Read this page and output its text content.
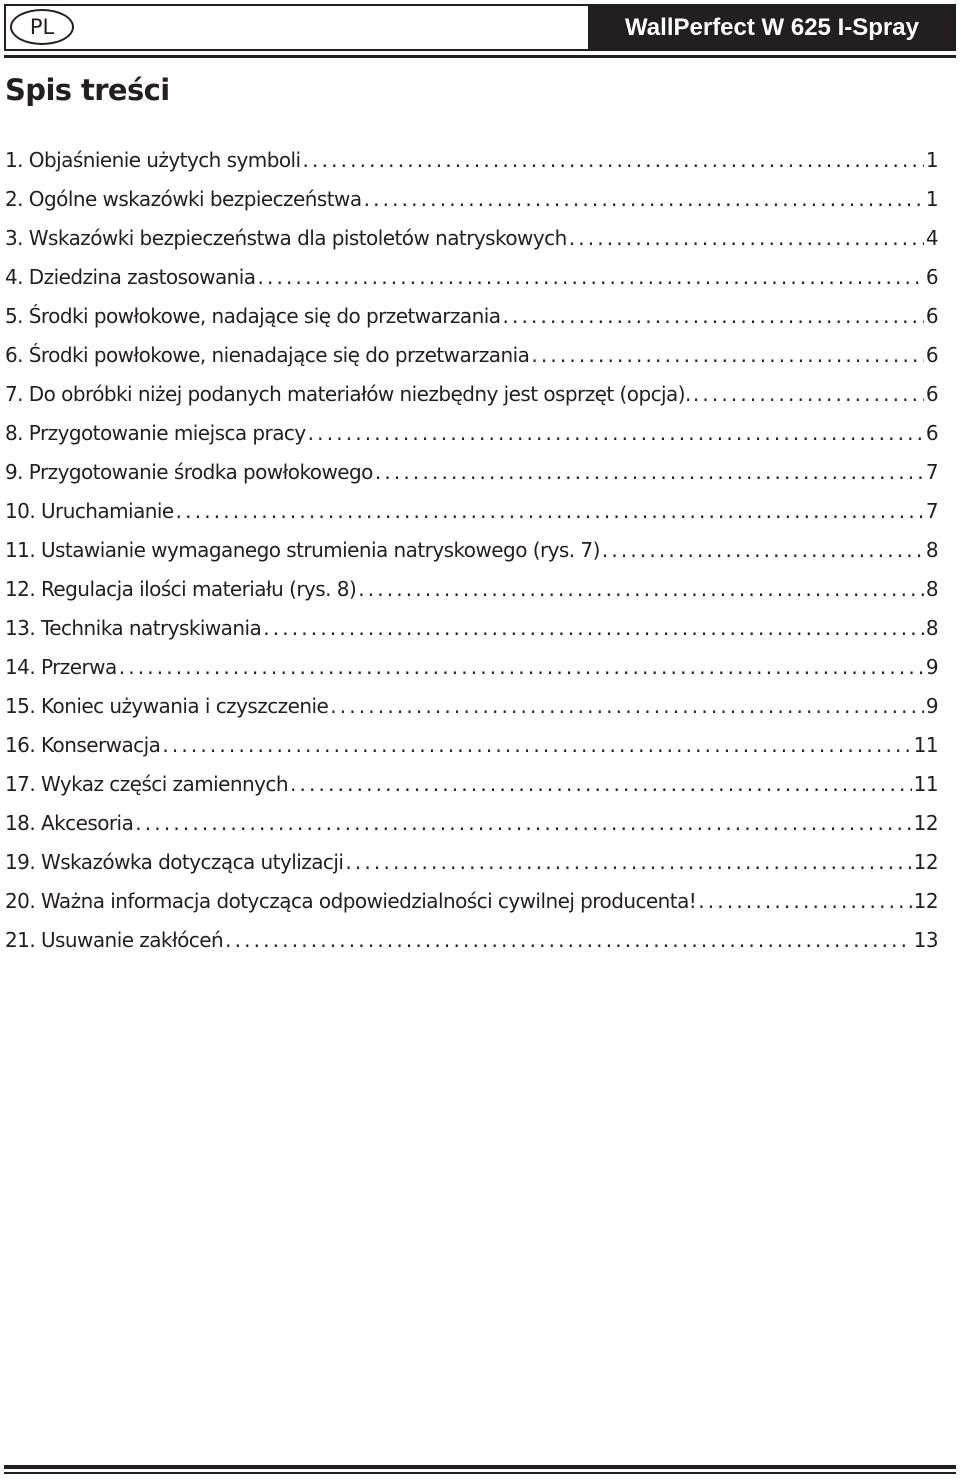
PL	WallPerfect W 625 I-Spray
Spis treści
1. Objaśnienie użytych symboli . . .	1
2. Ogólne wskazówki bezpieczeństwa . . .	1
3. Wskazówki bezpieczeństwa dla pistoletów natryskowych . . .	4
4. Dziedzina zastosowania . . .	6
5. Środki powłokowe, nadające się do przetwarzania . . .	6
6. Środki powłokowe, nienadające się do przetwarzania . . .	6
7. Do obróbki niżej podanych materiałów niezbędny jest osprzęt (opcja). . . .	6
8. Przygotowanie miejsca pracy . . .	6
9. Przygotowanie środka powłokowego . . .	7
10. Uruchamianie . . .	7
11. Ustawianie wymaganego strumienia natryskowego (rys. 7) . . .	8
12. Regulacja ilości materiału (rys. 8) . . .	8
13. Technika natryskiwania . . .	8
14. Przerwa . . .	9
15. Koniec używania i czyszczenie . . .	9
16. Konserwacja . . .	11
17. Wykaz części zamiennych . . .	11
18. Akcesoria . . .	12
19. Wskazówka dotycząca utylizacji . . .	12
20. Ważna informacja dotycząca odpowiedzialności cywilnej producenta! . . .	12
21. Usuwanie zakłóceń . . .	13
